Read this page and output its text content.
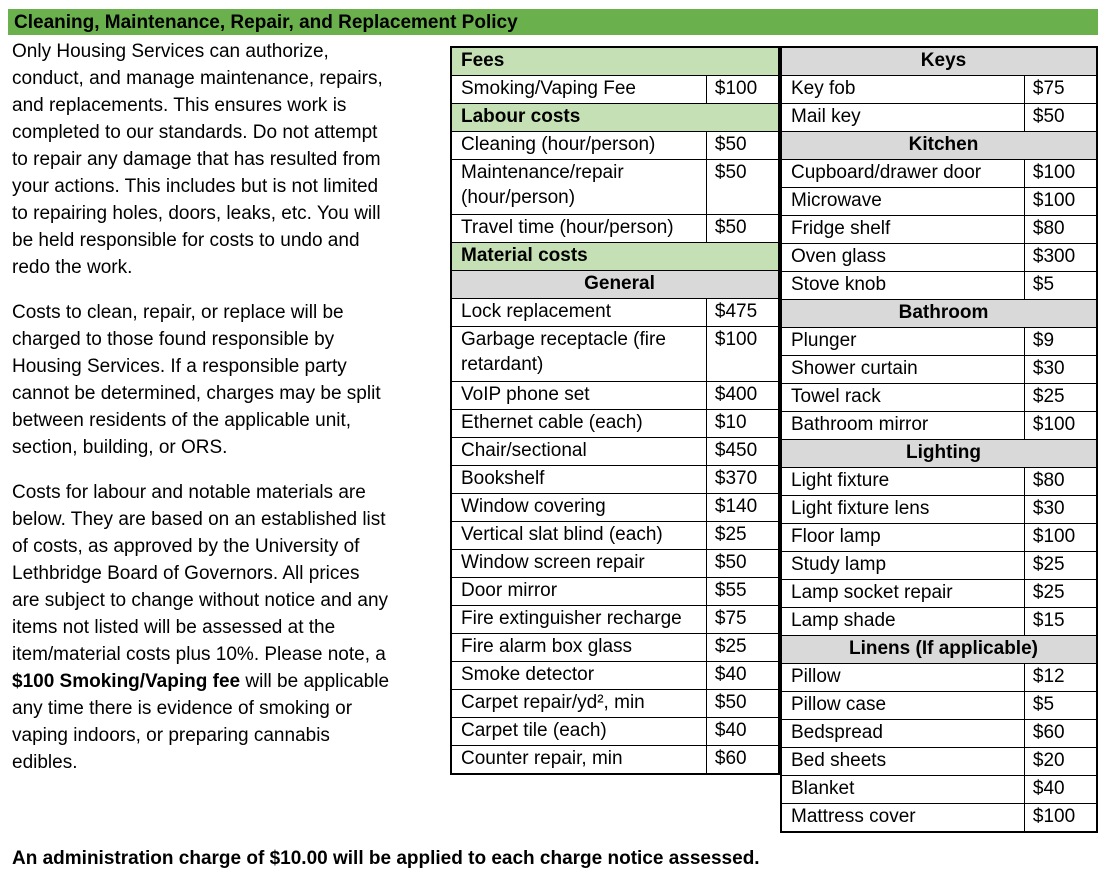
Cleaning, Maintenance, Repair, and Replacement Policy

Only Housing Services can authorize, conduct, and manage maintenance, repairs, and replacements. This ensures work is completed to our standards. Do not attempt to repair any damage that has resulted from your actions. This includes but is not limited to repairing holes, doors, leaks, etc. You will be held responsible for costs to undo and redo the work.

Costs to clean, repair, or replace will be charged to those found responsible by Housing Services. If a responsible party cannot be determined, charges may be split between residents of the applicable unit, section, building, or ORS.

Costs for labour and notable materials are below. They are based on an established list of costs, as approved by the University of Lethbridge Board of Governors. All prices are subject to change without notice and any items not listed will be assessed at the item/material costs plus 10%. Please note, a $100 Smoking/Vaping fee will be applicable any time there is evidence of smoking or vaping indoors, or preparing cannabis edibles.

Fees	
Smoking/Vaping Fee	$100
Labour costs	
Cleaning (hour/person)	$50
Maintenance/repair (hour/person)	$50
Travel time (hour/person)	$50
Material costs	
General	
Lock replacement	$475
Garbage receptacle (fire retardant)	$100
VoIP phone set	$400
Ethernet cable (each)	$10
Chair/sectional	$450
Bookshelf	$370
Window covering	$140
Vertical slat blind (each)	$25
Window screen repair	$50
Door mirror	$55
Fire extinguisher recharge	$75
Fire alarm box glass	$25
Smoke detector	$40
Carpet repair/yd², min	$50
Carpet tile (each)	$40
Counter repair, min	$60
Keys	
Key fob	$75
Mail key	$50
Kitchen	
Cupboard/drawer door	$100
Microwave	$100
Fridge shelf	$80
Oven glass	$300
Stove knob	$5
Bathroom	
Plunger	$9
Shower curtain	$30
Towel rack	$25
Bathroom mirror	$100
Lighting	
Light fixture	$80
Light fixture lens	$30
Floor lamp	$100
Study lamp	$25
Lamp socket repair	$25
Lamp shade	$15
Linens (If applicable)	
Pillow	$12
Pillow case	$5
Bedspread	$60
Bed sheets	$20
Blanket	$40
Mattress cover	$100
An administration charge of $10.00 will be applied to each charge notice assessed.
